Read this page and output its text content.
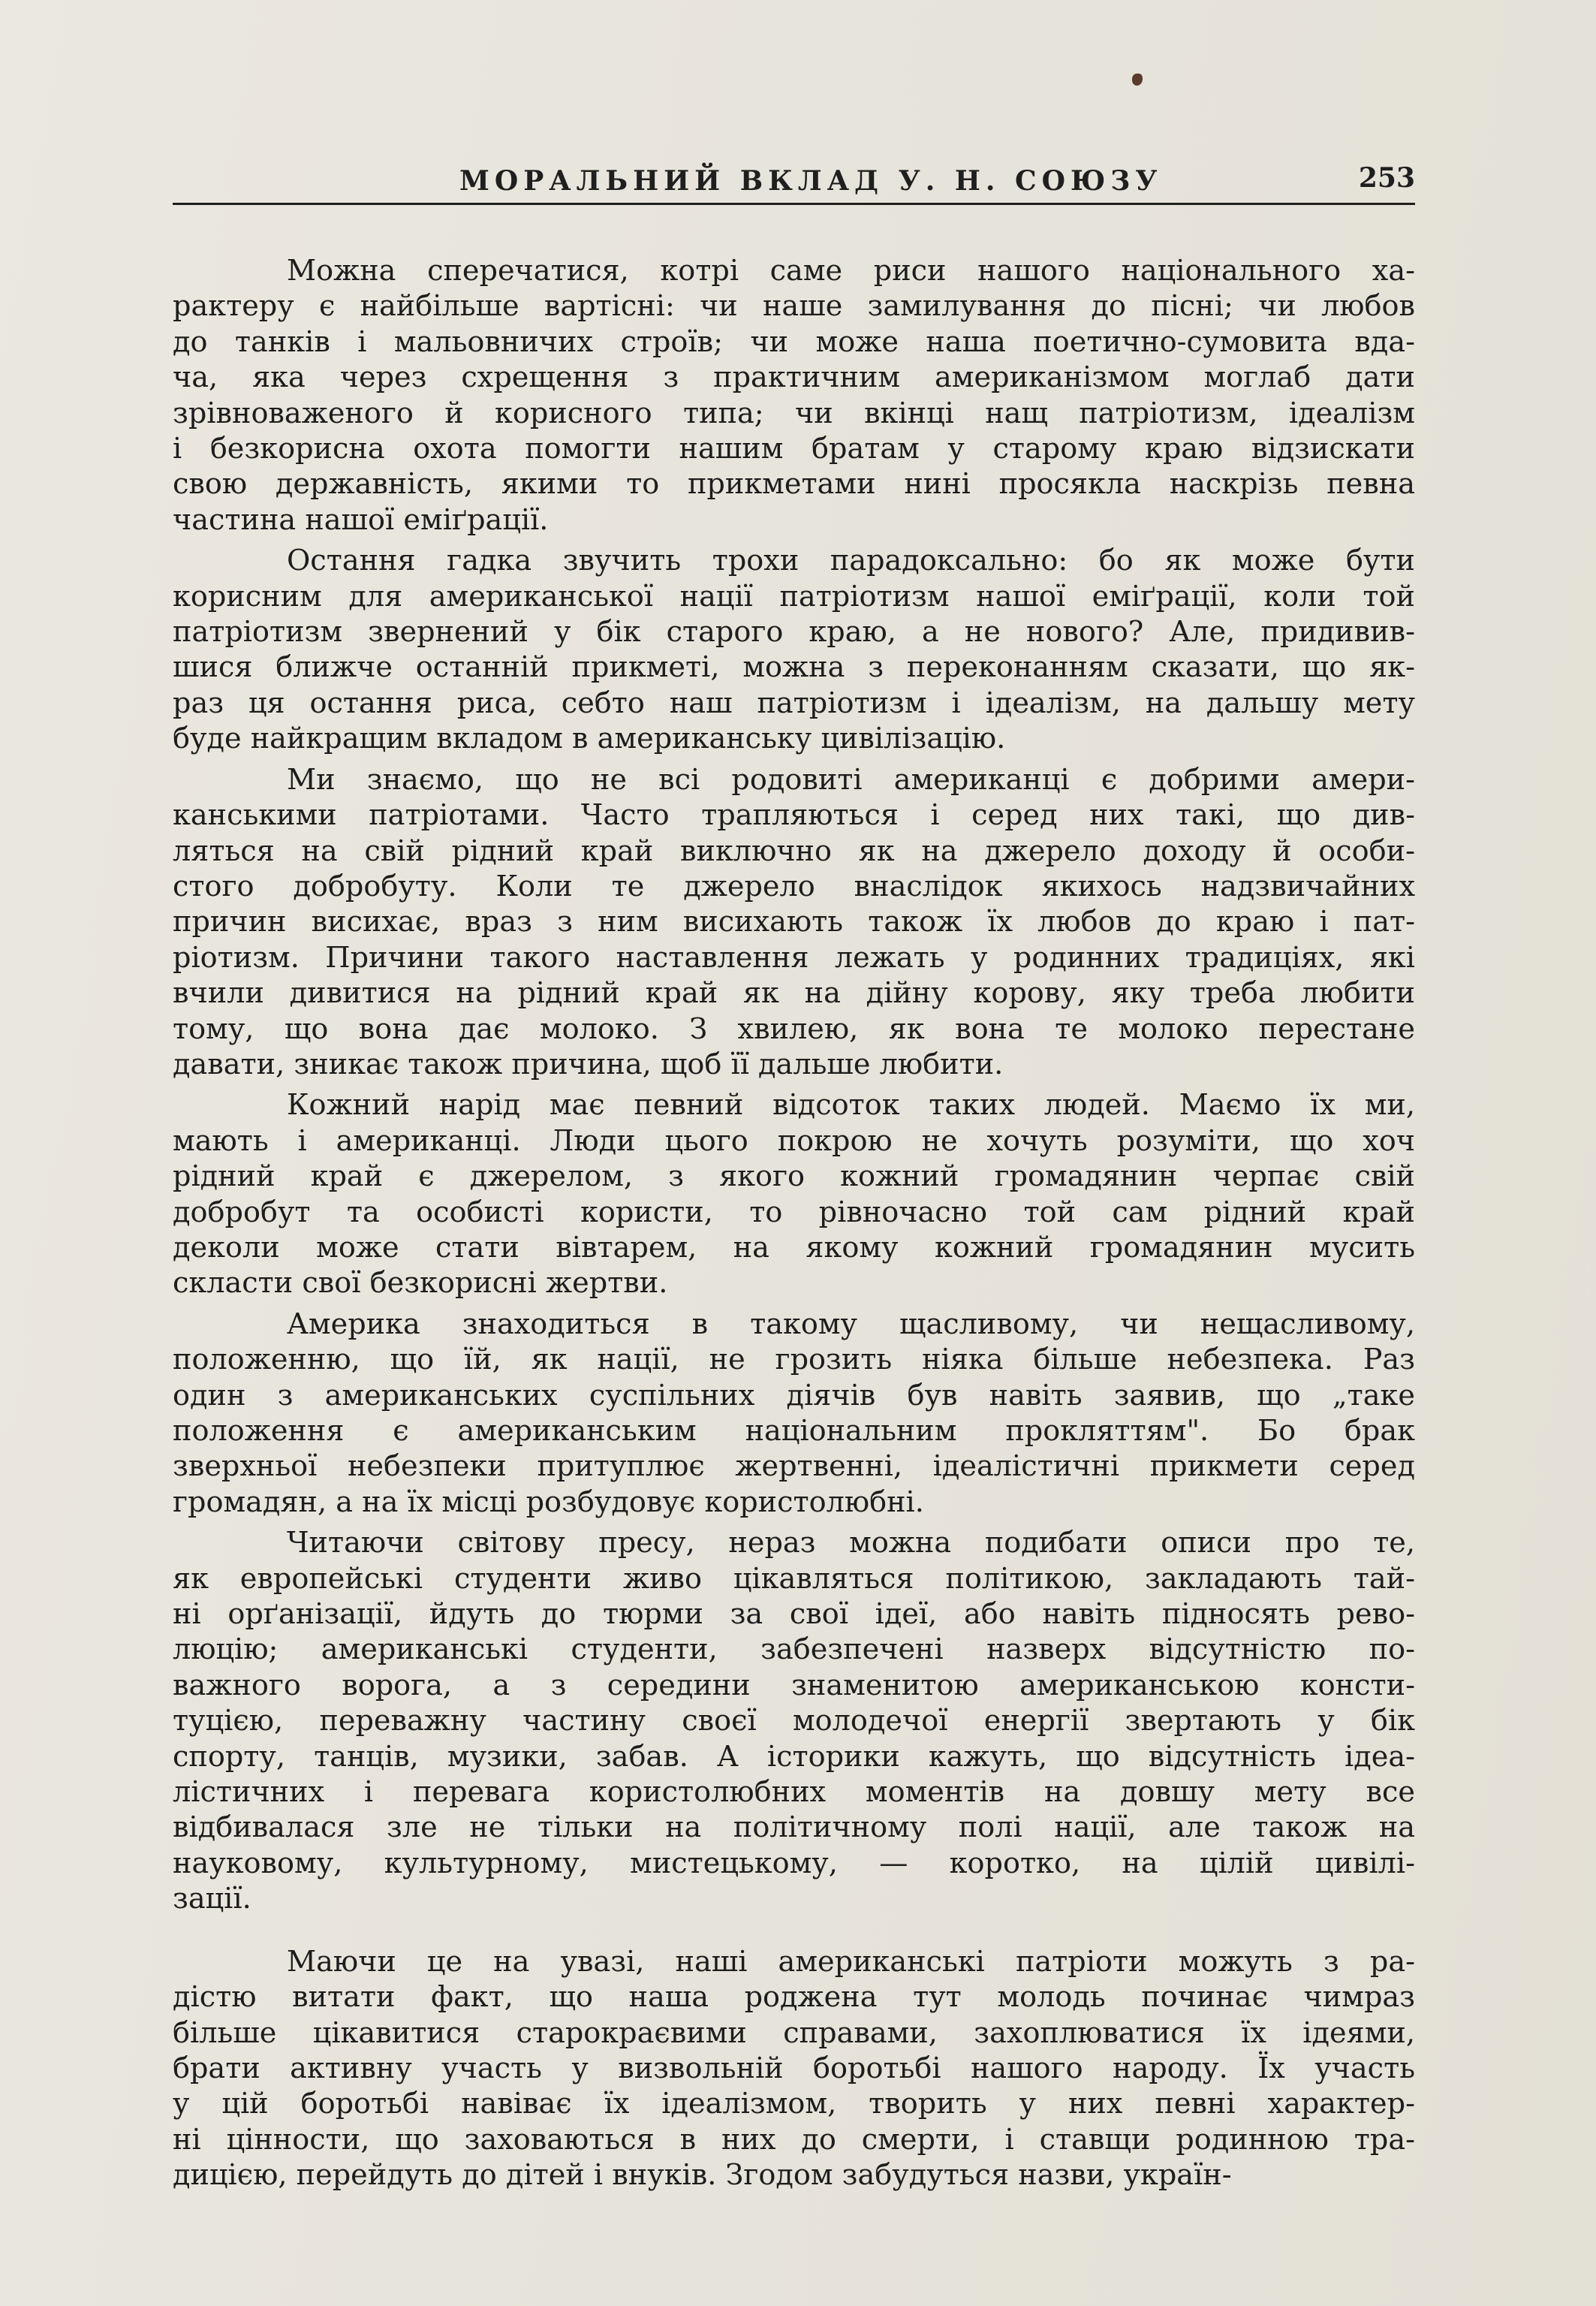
МОРАЛЬНИЙ ВКЛАД У. Н. СОЮЗУ	253
Можна сперечатися, котрі саме риси нашого національного ха-
рактеру є найбільше вартісні: чи наше замилування до пісні; чи любов
до танків і мальовничих строїв; чи може наша поетично-сумовита вда-
ча, яка через схрещення з практичним американізмом моглаб дати
зрівноваженого й корисного типа; чи вкінці нащ патріотизм, ідеалізм
і безкорисна охота помогти нашим братам у старому краю відзискати
свою державність, якими то прикметами нині просякла наскрізь певна
частина нашої еміґрації.
Остання гадка звучить трохи парадоксально: бо як може бути
корисним для американської нації патріотизм нашої еміґрації, коли той
патріотизм звернений у бік старого краю, а не нового? Але, придивив-
шися ближче останній прикметі, можна з переконанням сказати, що як-
раз ця остання риса, себто наш патріотизм і ідеалізм, на дальшу мету
буде найкращим вкладом в американську цивілізацію.
Ми знаємо, що не всі родовиті американці є добрими амери-
канськими патріотами. Часто трапляються і серед них такі, що див-
ляться на свій рідний край виключно як на джерело доходу й особи-
стого добробуту. Коли те джерело внаслідок якихось надзвичайних
причин висихає, враз з ним висихають також їх любов до краю і пат-
ріотизм. Причини такого наставлення лежать у родинних традиціях, які
вчили дивитися на рідний край як на дійну корову, яку треба любити
тому, що вона дає молоко. З хвилею, як вона те молоко перестане
давати, зникає також причина, щоб її дальше любити.
Кожний нарід має певний відсоток таких людей. Маємо їх ми,
мають і американці. Люди цього покрою не хочуть розуміти, що хоч
рідний край є джерелом, з якого кожний громадянин черпає свій
добробут та особисті користи, то рівночасно той сам рідний край
деколи може стати вівтарем, на якому кожний громадянин мусить
скласти свої безкорисні жертви.
Америка знаходиться в такому щасливому, чи нещасливому,
положенню, що їй, як нації, не грозить ніяка більше небезпека. Раз
один з американських суспільних діячів був навіть заявив, що „таке
положення є американським національним прокляттям". Бо брак
зверхньої небезпеки притуплює жертвенні, ідеалістичні прикмети серед
громадян, а на їх місці розбудовує користолюбні.
Читаючи світову пресу, нераз можна подибати описи про те,
як европейські студенти живо цікавляться політикою, закладають тай-
ні орґанізації, йдуть до тюрми за свої ідеї, або навіть підносять рево-
люцію; американські студенти, забезпечені назверх відсутністю по-
важного ворога, а з середини знаменитою американською консти-
туцією, переважну частину своєї молодечої енергії звертають у бік
спорту, танців, музики, забав. А історики кажуть, що відсутність ідеа-
лістичних і перевага користолюбних моментів на довшу мету все
відбивалася зле не тільки на політичному полі нації, але також на
науковому, культурному, мистецькому, — коротко, на цілій цивілі-
зації.
Маючи це на увазі, наші американські патріоти можуть з ра-
дістю витати факт, що наша роджена тут молодь починає чимраз
більше цікавитися старокраєвими справами, захоплюватися їх ідеями,
брати активну участь у визвольній боротьбі нашого народу. Їх участь
у цій боротьбі навіває їх ідеалізмом, творить у них певні характер-
ні цінности, що заховаються в них до смерти, і ставщи родинною тра-
дицією, перейдуть до дітей і внуків. Згодом забудуться назви, україн-
